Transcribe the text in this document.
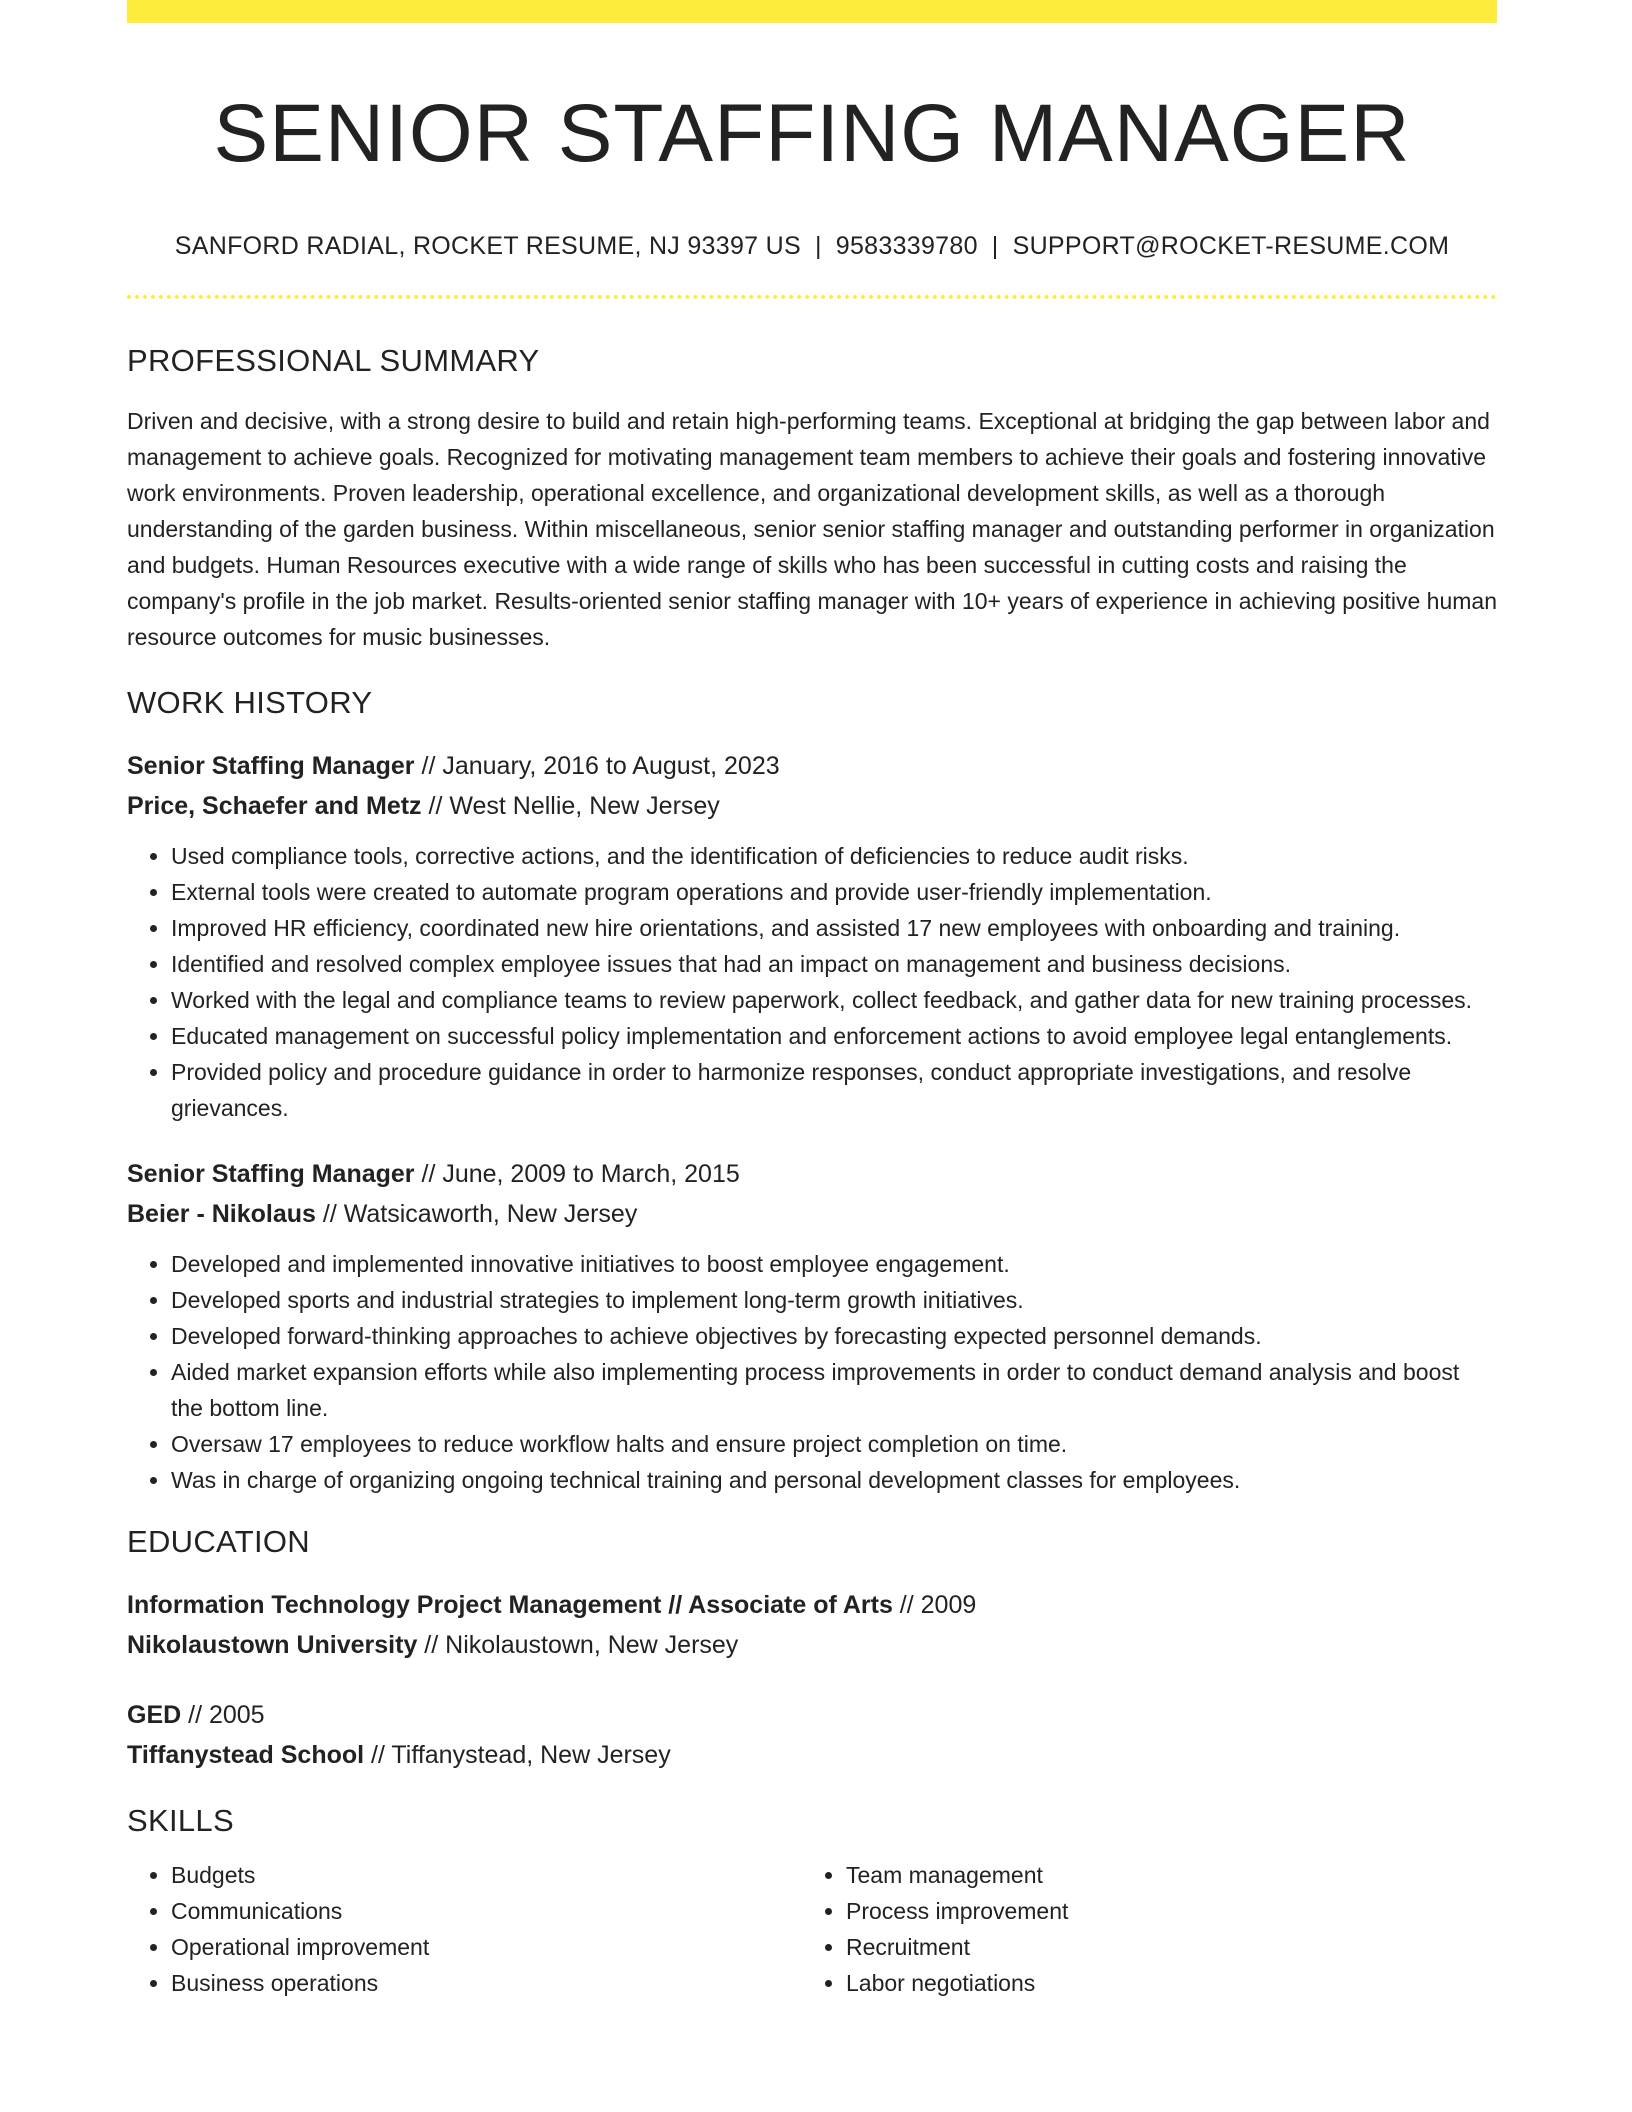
SENIOR STAFFING MANAGER
SANFORD RADIAL, ROCKET RESUME, NJ 93397 US | 9583339780 | SUPPORT@ROCKET-RESUME.COM
PROFESSIONAL SUMMARY
Driven and decisive, with a strong desire to build and retain high-performing teams. Exceptional at bridging the gap between labor and management to achieve goals. Recognized for motivating management team members to achieve their goals and fostering innovative work environments. Proven leadership, operational excellence, and organizational development skills, as well as a thorough understanding of the garden business. Within miscellaneous, senior senior staffing manager and outstanding performer in organization and budgets. Human Resources executive with a wide range of skills who has been successful in cutting costs and raising the company's profile in the job market. Results-oriented senior staffing manager with 10+ years of experience in achieving positive human resource outcomes for music businesses.
WORK HISTORY
Senior Staffing Manager // January, 2016 to August, 2023
Price, Schaefer and Metz // West Nellie, New Jersey
• Used compliance tools, corrective actions, and the identification of deficiencies to reduce audit risks.
• External tools were created to automate program operations and provide user-friendly implementation.
• Improved HR efficiency, coordinated new hire orientations, and assisted 17 new employees with onboarding and training.
• Identified and resolved complex employee issues that had an impact on management and business decisions.
• Worked with the legal and compliance teams to review paperwork, collect feedback, and gather data for new training processes.
• Educated management on successful policy implementation and enforcement actions to avoid employee legal entanglements.
• Provided policy and procedure guidance in order to harmonize responses, conduct appropriate investigations, and resolve grievances.
Senior Staffing Manager // June, 2009 to March, 2015
Beier - Nikolaus // Watsicaworth, New Jersey
• Developed and implemented innovative initiatives to boost employee engagement.
• Developed sports and industrial strategies to implement long-term growth initiatives.
• Developed forward-thinking approaches to achieve objectives by forecasting expected personnel demands.
• Aided market expansion efforts while also implementing process improvements in order to conduct demand analysis and boost the bottom line.
• Oversaw 17 employees to reduce workflow halts and ensure project completion on time.
• Was in charge of organizing ongoing technical training and personal development classes for employees.
EDUCATION
Information Technology Project Management // Associate of Arts // 2009
Nikolaustown University // Nikolaustown, New Jersey
GED // 2005
Tiffanystead School // Tiffanystead, New Jersey
SKILLS
• Budgets
• Communications
• Operational improvement
• Business operations
• Team management
• Process improvement
• Recruitment
• Labor negotiations
